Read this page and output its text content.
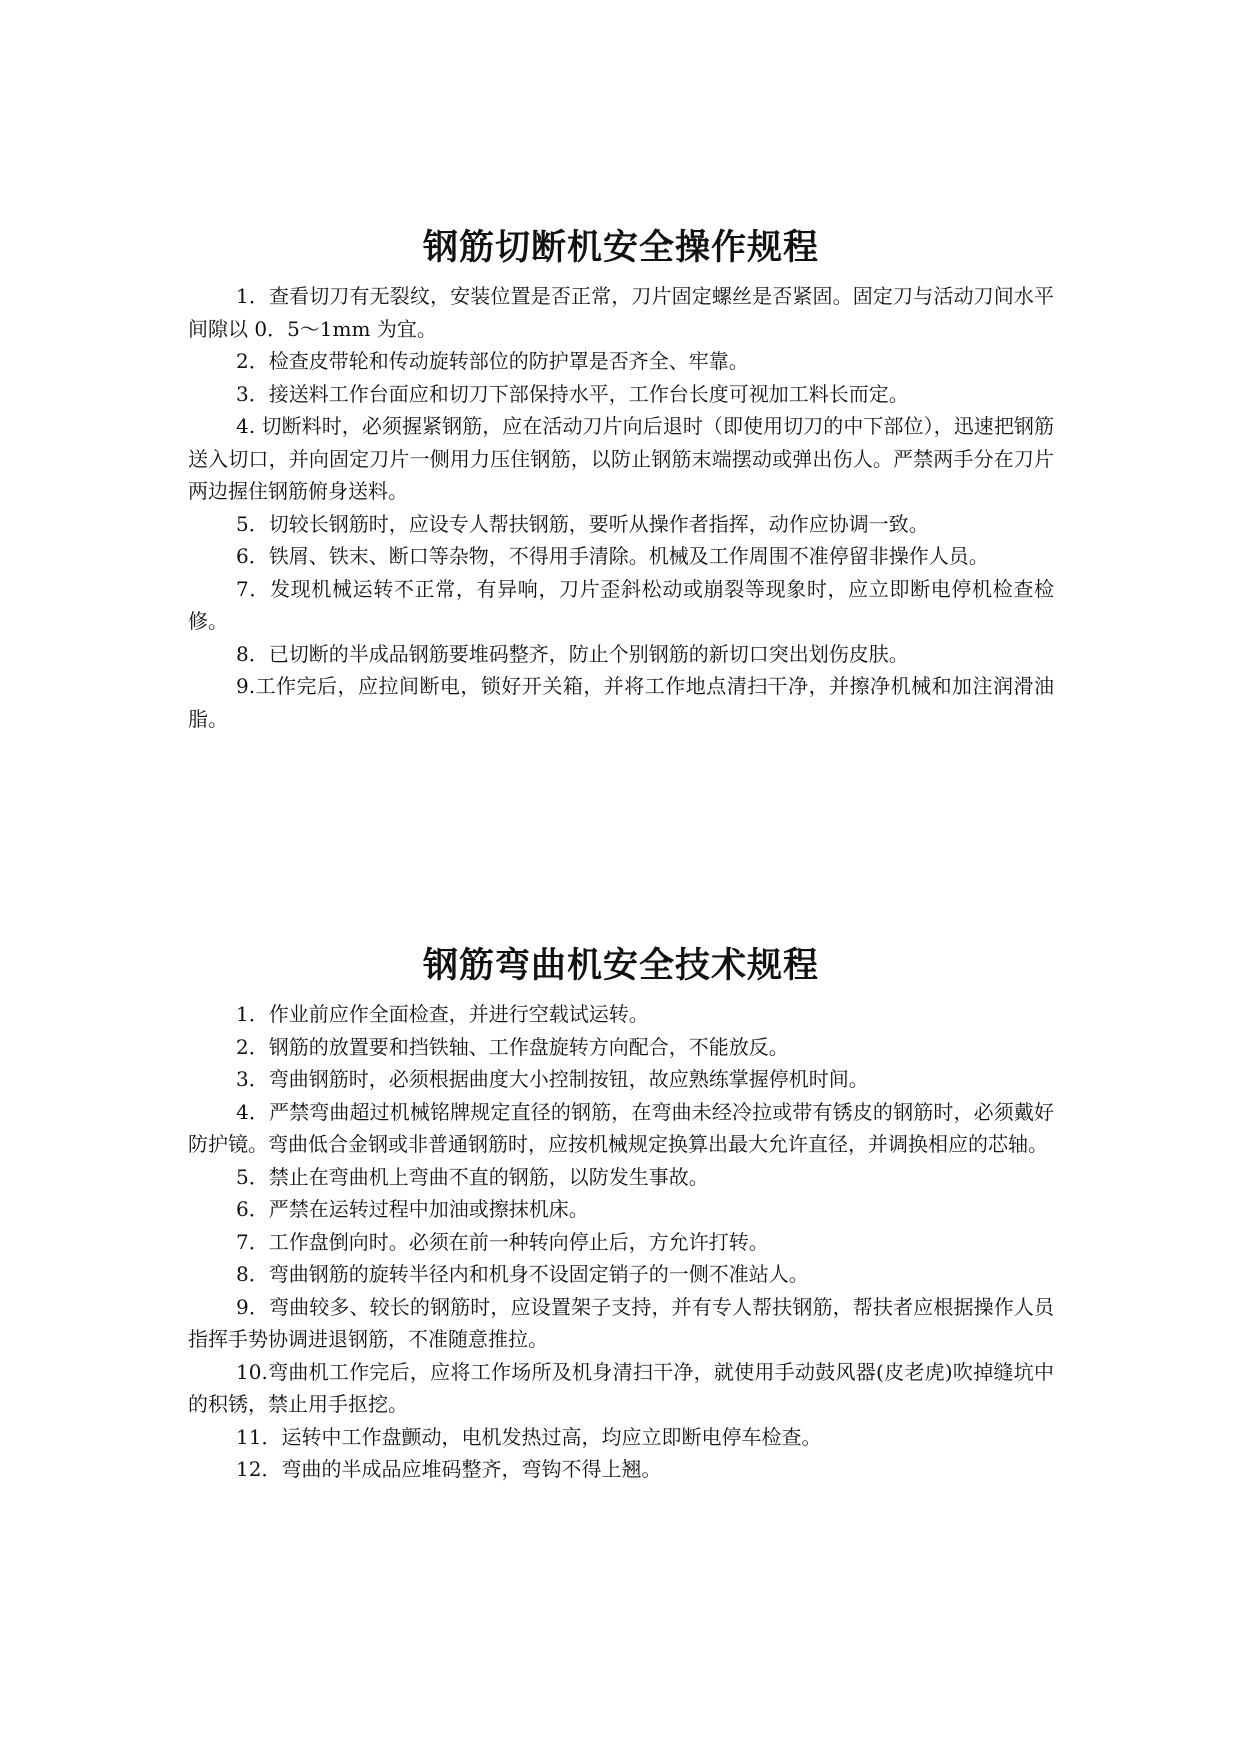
钢筋切断机安全操作规程

1．查看切刀有无裂纹，安装位置是否正常，刀片固定螺丝是否紧固。固定刀与活动刀间水平间隙以 0．5～1mm 为宜。

2．检查皮带轮和传动旋转部位的防护罩是否齐全、牢靠。

3．接送料工作台面应和切刀下部保持水平，工作台长度可视加工料长而定。

4. 切断料时，必须握紧钢筋，应在活动刀片向后退时（即使用切刀的中下部位），迅速把钢筋送入切口，并向固定刀片一侧用力压住钢筋，以防止钢筋末端摆动或弹出伤人。严禁两手分在刀片两边握住钢筋俯身送料。

5．切较长钢筋时，应设专人帮扶钢筋，要听从操作者指挥，动作应协调一致。

6．铁屑、铁末、断口等杂物，不得用手清除。机械及工作周围不准停留非操作人员。

7．发现机械运转不正常，有异响，刀片歪斜松动或崩裂等现象时，应立即断电停机检查检修。

8．已切断的半成品钢筋要堆码整齐，防止个别钢筋的新切口突出划伤皮肤。

9.工作完后，应拉间断电，锁好开关箱，并将工作地点清扫干净，并擦净机械和加注润滑油脂。

钢筋弯曲机安全技术规程

1．作业前应作全面检查，并进行空载试运转。

2．钢筋的放置要和挡铁轴、工作盘旋转方向配合，不能放反。

3．弯曲钢筋时，必须根据曲度大小控制按钮，故应熟练掌握停机时间。

4．严禁弯曲超过机械铭牌规定直径的钢筋，在弯曲未经冷拉或带有锈皮的钢筋时，必须戴好防护镜。弯曲低合金钢或非普通钢筋时，应按机械规定换算出最大允许直径，并调换相应的芯轴。

5．禁止在弯曲机上弯曲不直的钢筋，以防发生事故。

6．严禁在运转过程中加油或擦抹机床。

7．工作盘倒向时。必须在前一种转向停止后，方允许打转。

8．弯曲钢筋的旋转半径内和机身不设固定销子的一侧不准站人。

9．弯曲较多、较长的钢筋时，应设置架子支持，并有专人帮扶钢筋，帮扶者应根据操作人员指挥手势协调进退钢筋，不准随意推拉。

10.弯曲机工作完后，应将工作场所及机身清扫干净，就使用手动鼓风器(皮老虎)吹掉缝坑中的积锈，禁止用手抠挖。

11．运转中工作盘颤动，电机发热过高，均应立即断电停车检查。

12．弯曲的半成品应堆码整齐，弯钩不得上翘。
